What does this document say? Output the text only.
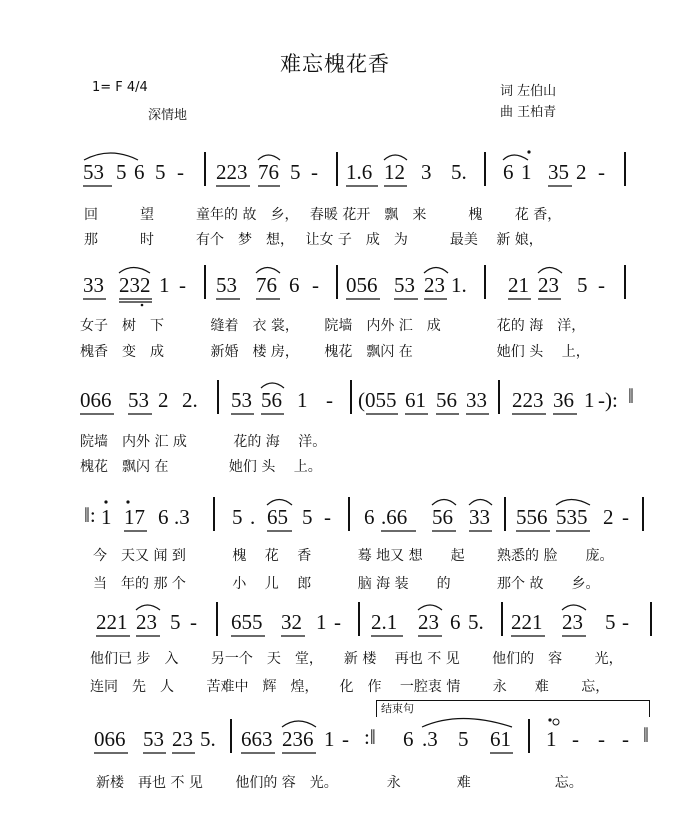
难忘槐花香
1= F 4/4
深情地
词 左伯山
曲 王柏青
53 5 6 5 - 223 76 5 - 1.6 12 3 5. 6 1 35 2 -
回　　　望　　　童年的 故　乡，　 春暖 花开　飘　来　　　槐　　 花 香，
那　　　时　　　有个　梦　想，　 让女 子　成　为　　　最美　 新 娘，
33 232 1 - 53 76 6 - 056 53 23 1. 21 23 5 -
女子　树　下　　　 缝着　衣 裳，　　 院墙　内外 汇　成　　　　花的 海　洋，
槐香　变　成　　　 新婚　楼 房，　　 槐花　飘闪 在　　　　　　她们 头　 上，
066 53 2 2. 53 56 1 - (055 61 56 33 223 36 1 -): ‖
院墙　内外 汇 成　　　 花的 海　 洋。
槐花　飘闪 在　　　　 她们 头　 上。
‖: 1 17 6 .3 5 . 65 5 - 6 .66 56 33 556 535 2 -
今　天又 闻 到　　　 槐　 花　 香　　　 蓦 地又 想　　起　　 熟悉的 脸　　庞。
当　年的 那 个　　　 小　 儿　 郎　　　 脑 海 装　　的　　　 那个 故　　乡。
221 23 5 - 655 32 1 - 2.1 23 6 5. 221 23 5 -
他们已 步　入　　 另一个　天　堂，　　新 楼　 再也 不 见　　 他们的　容　　 光，
连同　先　人　　 苦难中　辉　煌，　　化　作　 一腔衷 情　　 永　　难　　 忘，
结束句
066 53 23 5. 663 236 1 - :‖ 6 .3 5 61 1 - - - ‖
新楼　再也 不 见　　 他们的 容　光。　　　　永　　　　难　　　　　　忘。
